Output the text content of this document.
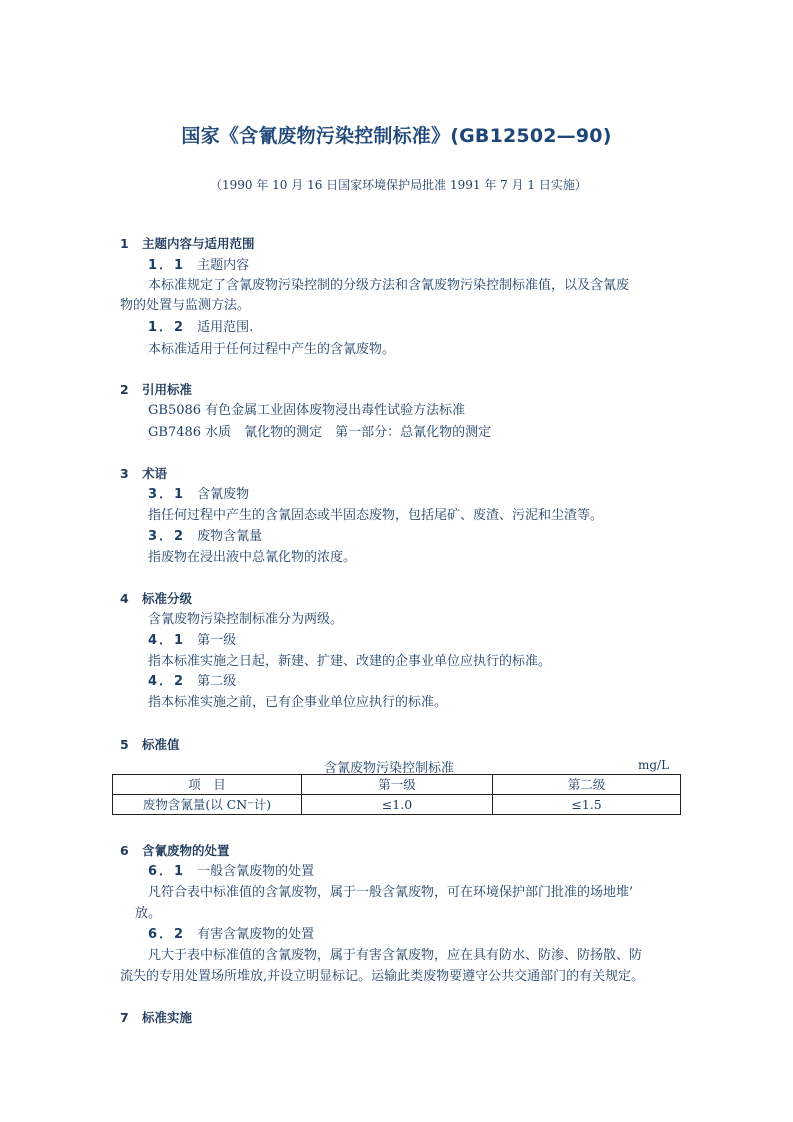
国家《含氰废物污染控制标准》(GB12502—90)

（1990 年 10 月 16 日国家环境保护局批准 1991 年 7 月 1 日实施）

1 主题内容与适用范围

1．1 主题内容

本标准规定了含氰废物污染控制的分级方法和含氰废物污染控制标准值，以及含氰废

物的处置与监测方法。

1．2 适用范围.

本标准适用于任何过程中产生的含氰废物。

2 引用标准

GB5086 有色金属工业固体废物浸出毒性试验方法标准

GB7486 水质　氰化物的测定　第一部分：总氰化物的测定

3 术语

3．1 含氰废物

指任何过程中产生的含氰固态或半固态废物，包括尾矿、废渣、污泥和尘渣等。

3．2 废物含氰量

指废物在浸出液中总氰化物的浓度。

4 标准分级

含氰废物污染控制标准分为两级。

4．1 第一级

指本标准实施之日起，新建、扩建、改建的企事业单位应执行的标准。

4．2 第二级

指本标准实施之前，已有企事业单位应执行的标准。

5 标准值

含氰废物污染控制标准	mg/L

项　目	第一级	第二级
废物含氰量(以 CN⁻计)	≤1.0	≤1.5

6 含氰废物的处置

6．1 一般含氰废物的处置

凡符合表中标准值的含氰废物，属于一般含氰废物，可在环境保护部门批准的场地堆’

放。

6．2 有害含氰废物的处置

凡大于表中标准值的含氰废物，属于有害含氰废物，应在具有防水、防渗、防扬散、防

流失的专用处置场所堆放,并设立明显标记。运输此类废物要遵守公共交通部门的有关规定。

7 标准实施
